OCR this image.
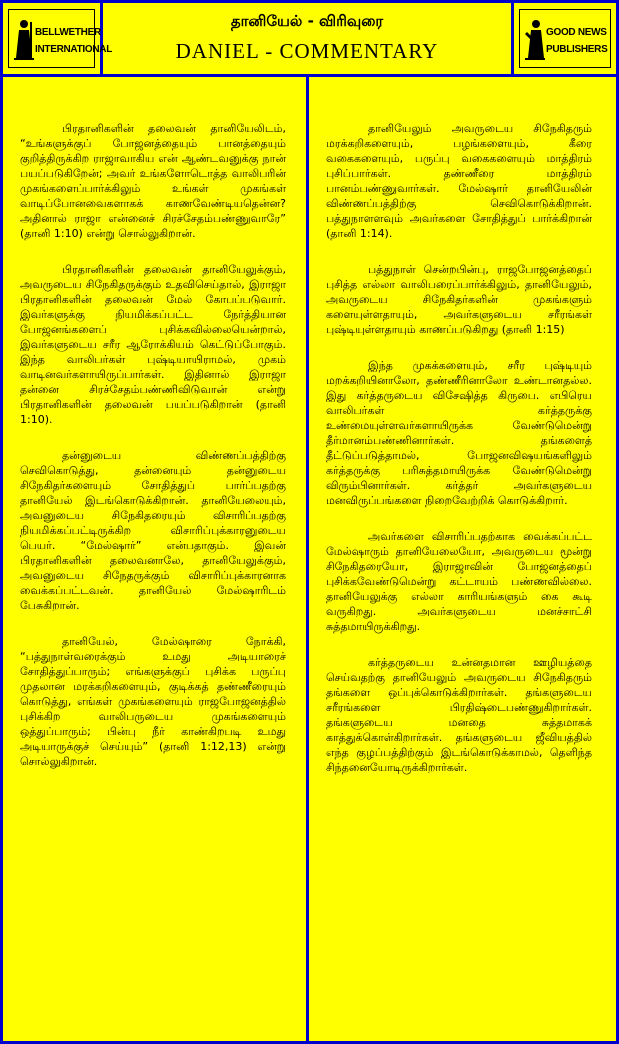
BELLWETHER
INTERNATIONAL
தானியேல் - விரிவுரை
DANIEL - COMMENTARY
GOOD NEWS
PUBLISHERS

பிரதானிகளின் தலைவன் தானியேலிடம், “உங்களுக்குப் போஜனத்தையும் பானத்தையும் குறித்திருக்கிற ராஜாவாகிய என் ஆண்டவனுக்கு நான் பயப்படுகிறேன்; அவர் உங்களோடொத்த வாலிபரின் முகங்களைப்பார்க்கிலும் உங்கள் முகங்கள் வாடிப்போனவைகளாகக் காணவேண்டியதென்ன? அதினால் ராஜா என்னைச் சிரச்சேதம்பண்ணுவாரே” (தானி 1:10) என்று சொல்லுகிறான்.

பிரதானிகளின் தலைவன் தானியேலுக்கும், அவருடைய சிநேகிதருக்கும் உதவிசெய்தால், இராஜா பிரதானிகளின் தலைவன் மேல் கோபப்படுவார். இவர்களுக்கு நியமிக்கப்பட்ட நேர்த்தியான போஜனங்களைப் புசிக்கவில்லையென்றால், இவர்களுடைய சரீர ஆரோக்கியம் கெட்டுப்போகும். இந்த வாலிபர்கள் புஷ்டியாயிராமல், முகம் வாடினவர்களாயிருப்பார்கள். இதினால் இராஜா தன்னை சிரச்சேதம்பண்ணிவிடுவான் என்று பிரதானிகளின் தலைவன் பயப்படுகிறான் (தானி 1:10).

தன்னுடைய விண்ணப்பத்திற்கு செவிகொடுத்து, தன்னையும் தன்னுடைய சிநேகிதர்களையும் சோதித்துப் பார்ப்பதற்கு தானியேல் இடங்கொடுக்கிறான். தானியேலையும், அவனுடைய சிநேகிதரையும் விசாரிப்பதற்கு நியமிக்கப்பட்டிருக்கிற விசாரிப்புக்காரனுடைய பெயர். “மேல்ஷார்” என்பதாகும். இவன் பிரதானிகளின் தலைவனாலே, தானியேலுக்கும், அவனுடைய சிநேதருக்கும் விசாரிப்புக்காரனாக வைக்கப்பட்டவன். தானியேல் மேல்ஷாரிடம் பேசுகிறான்.

தானியேல், மேல்ஷாரை நோக்கி, “பத்துநாள்வரைக்கும் உமது அடியாரைச் சோதித்துப்பாரும்; எங்களுக்குப் புசிக்க பருப்பு முதலான மரக்கறிகளையும், குடிக்கத் தண்ணீரையும் கொடுத்து, எங்கள் முகங்களையும் ராஜபோஜனத்தில் புசிக்கிற வாலிபருடைய முகங்களையும் ஒத்துப்பாரும்; பின்பு நீர் காண்கிறபடி உமது அடியாருக்குச் செய்யும்” (தானி 1:12,13) என்று சொல்லுகிறான்.

தானியேலும் அவருடைய சிநேகிதரும் மரக்கறிகளையும், பழங்களையும், கீரை வகைகளையும், பருப்பு வகைகளையும் மாத்திரம் புசிப்பார்கள். தண்ணீரை மாத்திரம் பானம்பண்ணுவார்கள். மேல்ஷார் தானியேலின் விண்ணப்பத்திற்கு செவிகொடுக்கிறான். பத்துநாளளவும் அவர்களை சோதித்துப் பார்க்கிறான் (தானி 1:14).

பத்துநாள் சென்றபின்பு, ராஜபோஜனத்தைப் புசித்த எல்லா வாலிபரைப்பார்க்கிலும், தானியேலும், அவருடைய சிநேகிதர்களின் முகங்களும் களையுள்ளதாயும், அவர்களுடைய சரீரங்கள் புஷ்டியுள்ளதாயும் காணப்படுகிறது (தானி 1:15)

இந்த முகக்களையும், சரீர புஷ்டியும் மறக்கறியினாலோ, தண்ணீரினாலோ உண்டானதல்ல. இது கர்த்தருடைய விசேஷித்த கிருபை. எபிரெய வாலிபர்கள் கர்த்தருக்கு உண்மையுள்ளவர்களாயிருக்க வேண்டுமென்று தீர்மானம்பண்ணினார்கள். தங்களைத் தீட்டுப்படுத்தாமல், போஜனவிஷயங்களிலும் கர்த்தருக்கு பரிசுத்தமாயிருக்க வேண்டுமென்று விரும்பினார்கள். கர்த்தர் அவர்களுடைய மனவிருப்பங்களை நிறைவேற்றிக் கொடுக்கிறார்.

அவர்களை விசாரிப்பதற்காக வைக்கப்பட்ட மேல்ஷாரும் தானியேலையோ, அவருடைய மூன்று சிநேகிதரையோ, இராஜாவின் போஜனத்தைப் புசிக்கவேண்டுமென்று கட்டாயம் பண்ணவில்லை. தானியேலுக்கு எல்லா காரியங்களும் கை கூடி வருகிறது. அவர்களுடைய மனச்சாட்சி சுத்தமாயிருக்கிறது.

கர்த்தருடைய உன்னதமான ஊழியத்தை செய்வதற்கு தானியேலும் அவருடைய சிநேகிதரும் தங்களை ஒப்புக்கொடுக்கிறார்கள். தங்களுடைய சரீரங்களை பிரதிஷ்டைபண்ணுகிறார்கள். தங்களுடைய மனதை சுத்தமாகக் காத்துக்கொள்கிறார்கள். தங்களுடைய ஜீவியத்தில் எந்த குழப்பத்திற்கும் இடங்கொடுக்காமல், தெளிந்த சிந்தனையோடிருக்கிறார்கள்.
